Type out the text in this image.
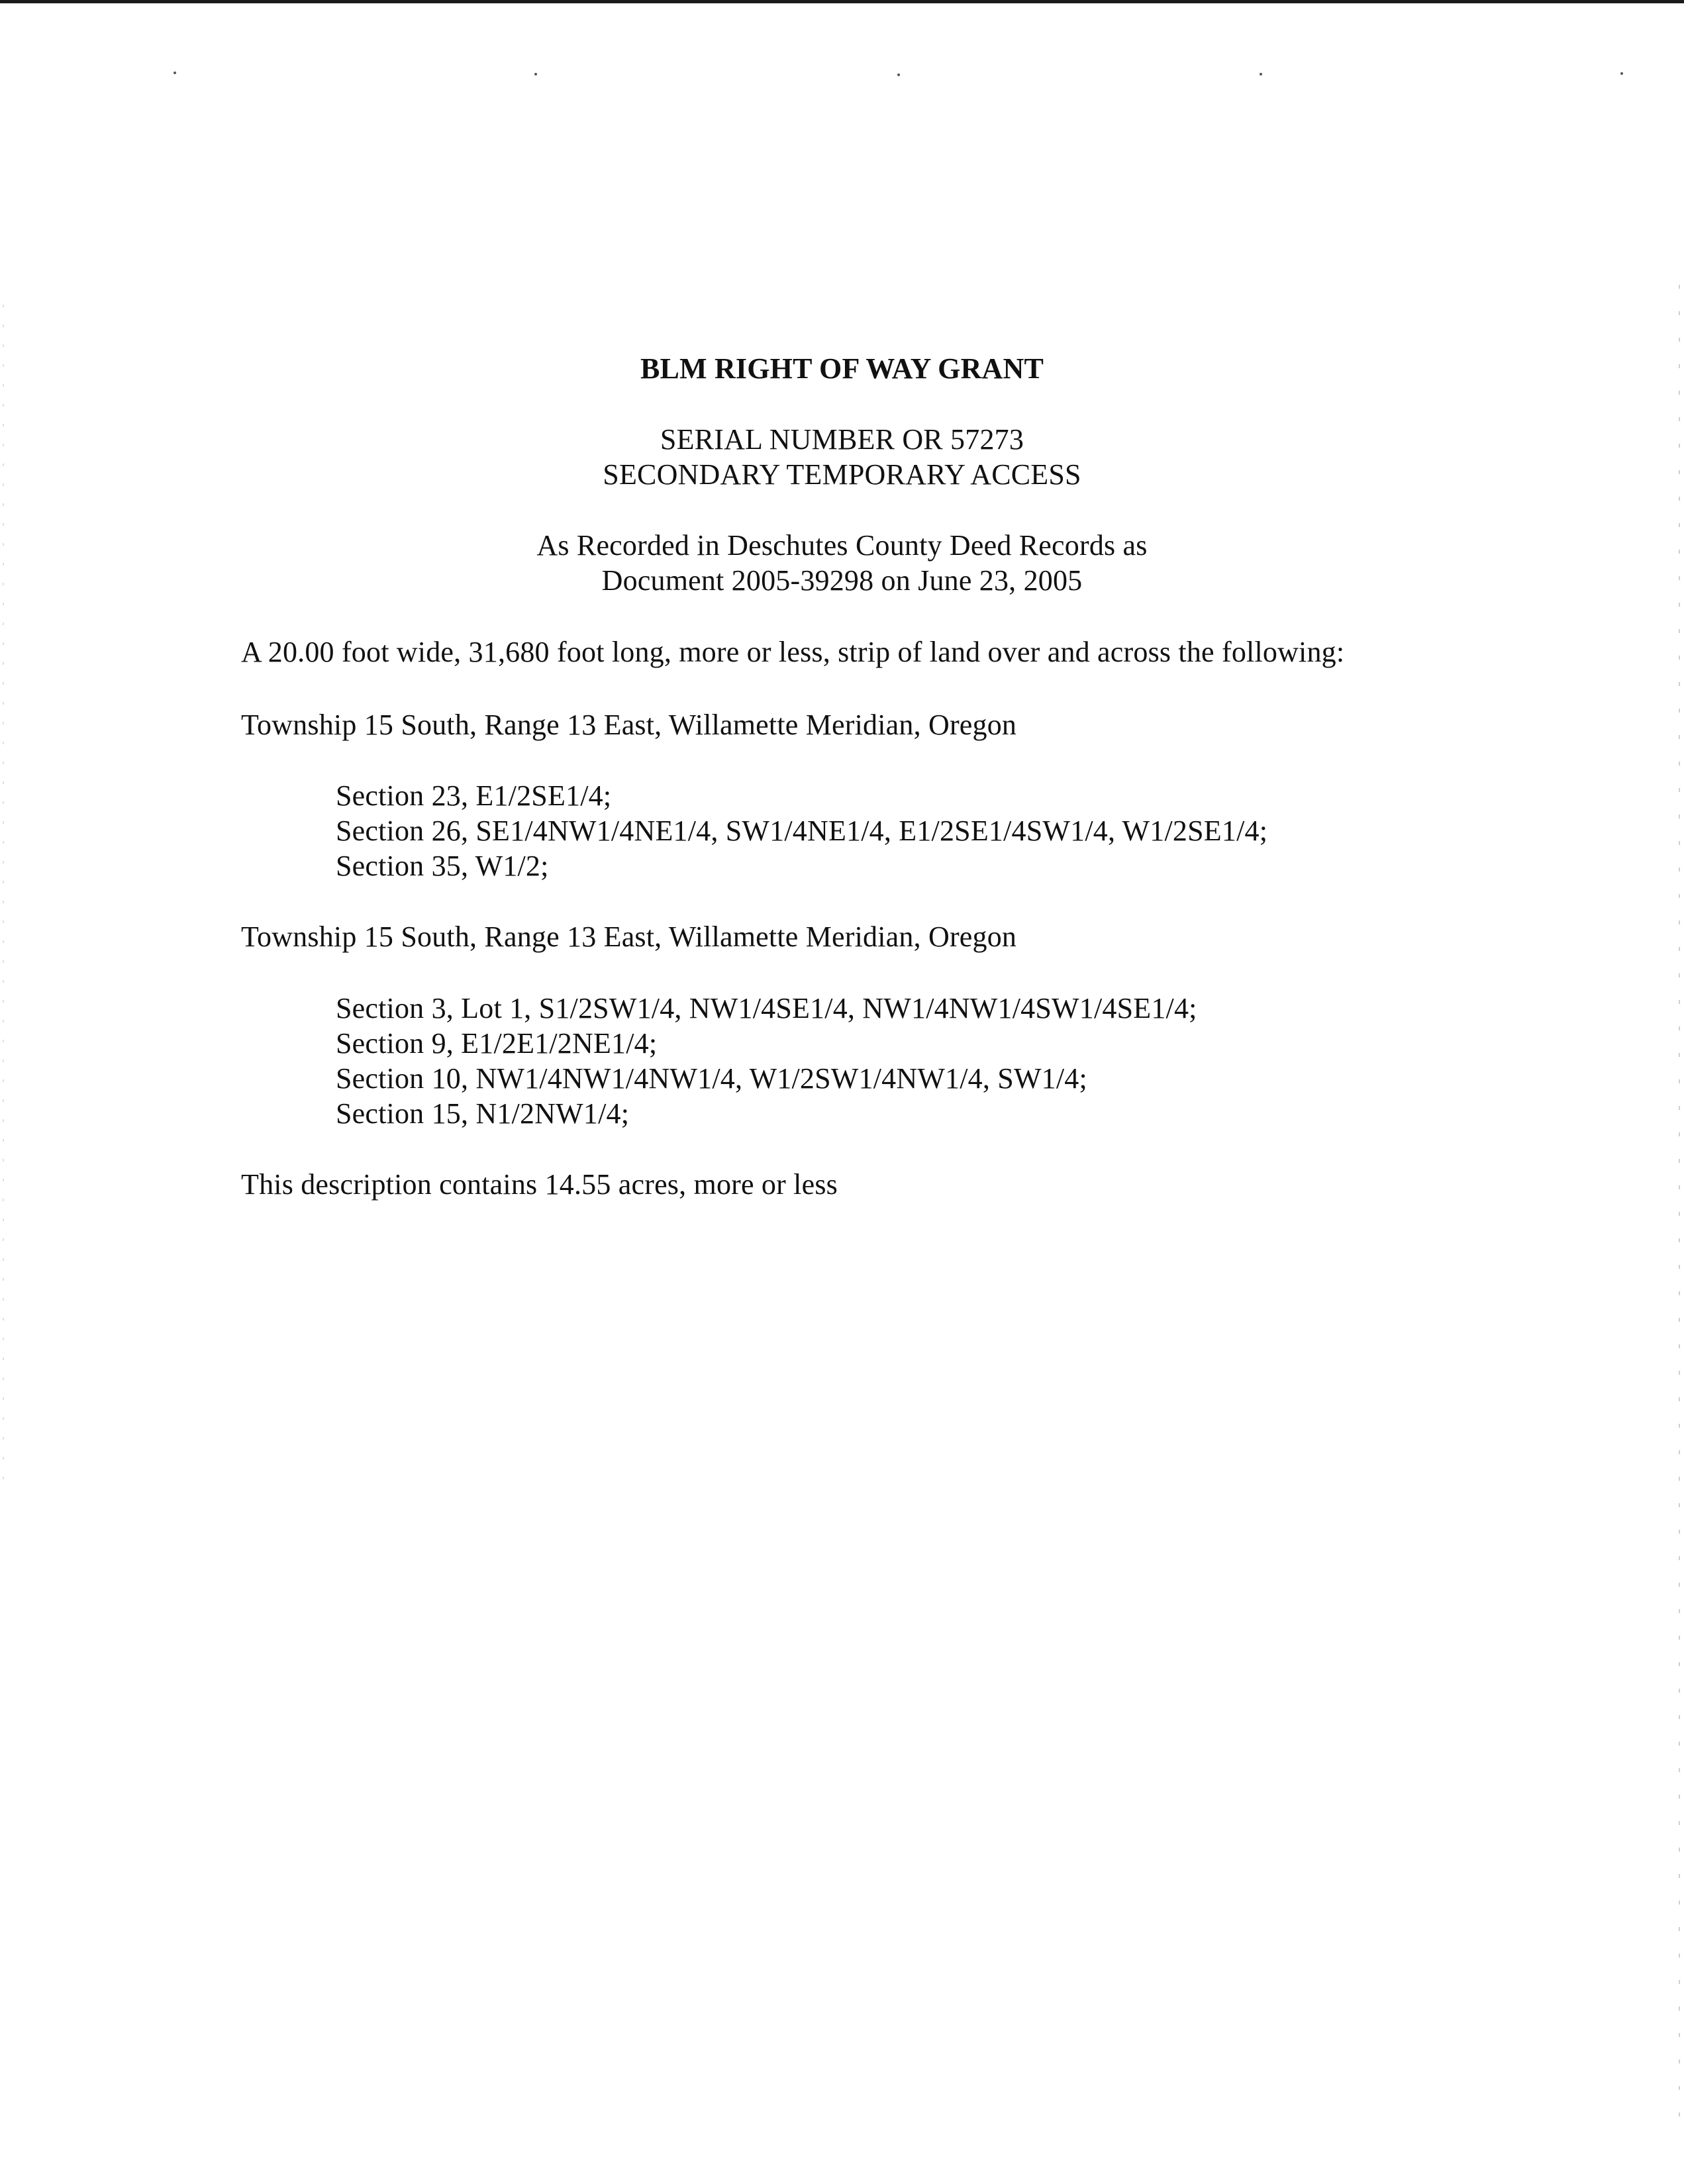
BLM RIGHT OF WAY GRANT
SERIAL NUMBER OR 57273
SECONDARY TEMPORARY ACCESS
As Recorded in Deschutes County Deed Records as
Document 2005-39298 on June 23, 2005
A 20.00 foot wide, 31,680 foot long, more or less, strip of land over and across the following:
Township 15 South, Range 13 East, Willamette Meridian, Oregon
Section 23, E1/2SE1/4;
Section 26, SE1/4NW1/4NE1/4, SW1/4NE1/4, E1/2SE1/4SW1/4, W1/2SE1/4;
Section 35, W1/2;
Township 15 South, Range 13 East, Willamette Meridian, Oregon
Section 3, Lot 1, S1/2SW1/4, NW1/4SE1/4, NW1/4NW1/4SW1/4SE1/4;
Section 9, E1/2E1/2NE1/4;
Section 10, NW1/4NW1/4NW1/4, W1/2SW1/4NW1/4, SW1/4;
Section 15, N1/2NW1/4;
This description contains 14.55 acres, more or less
